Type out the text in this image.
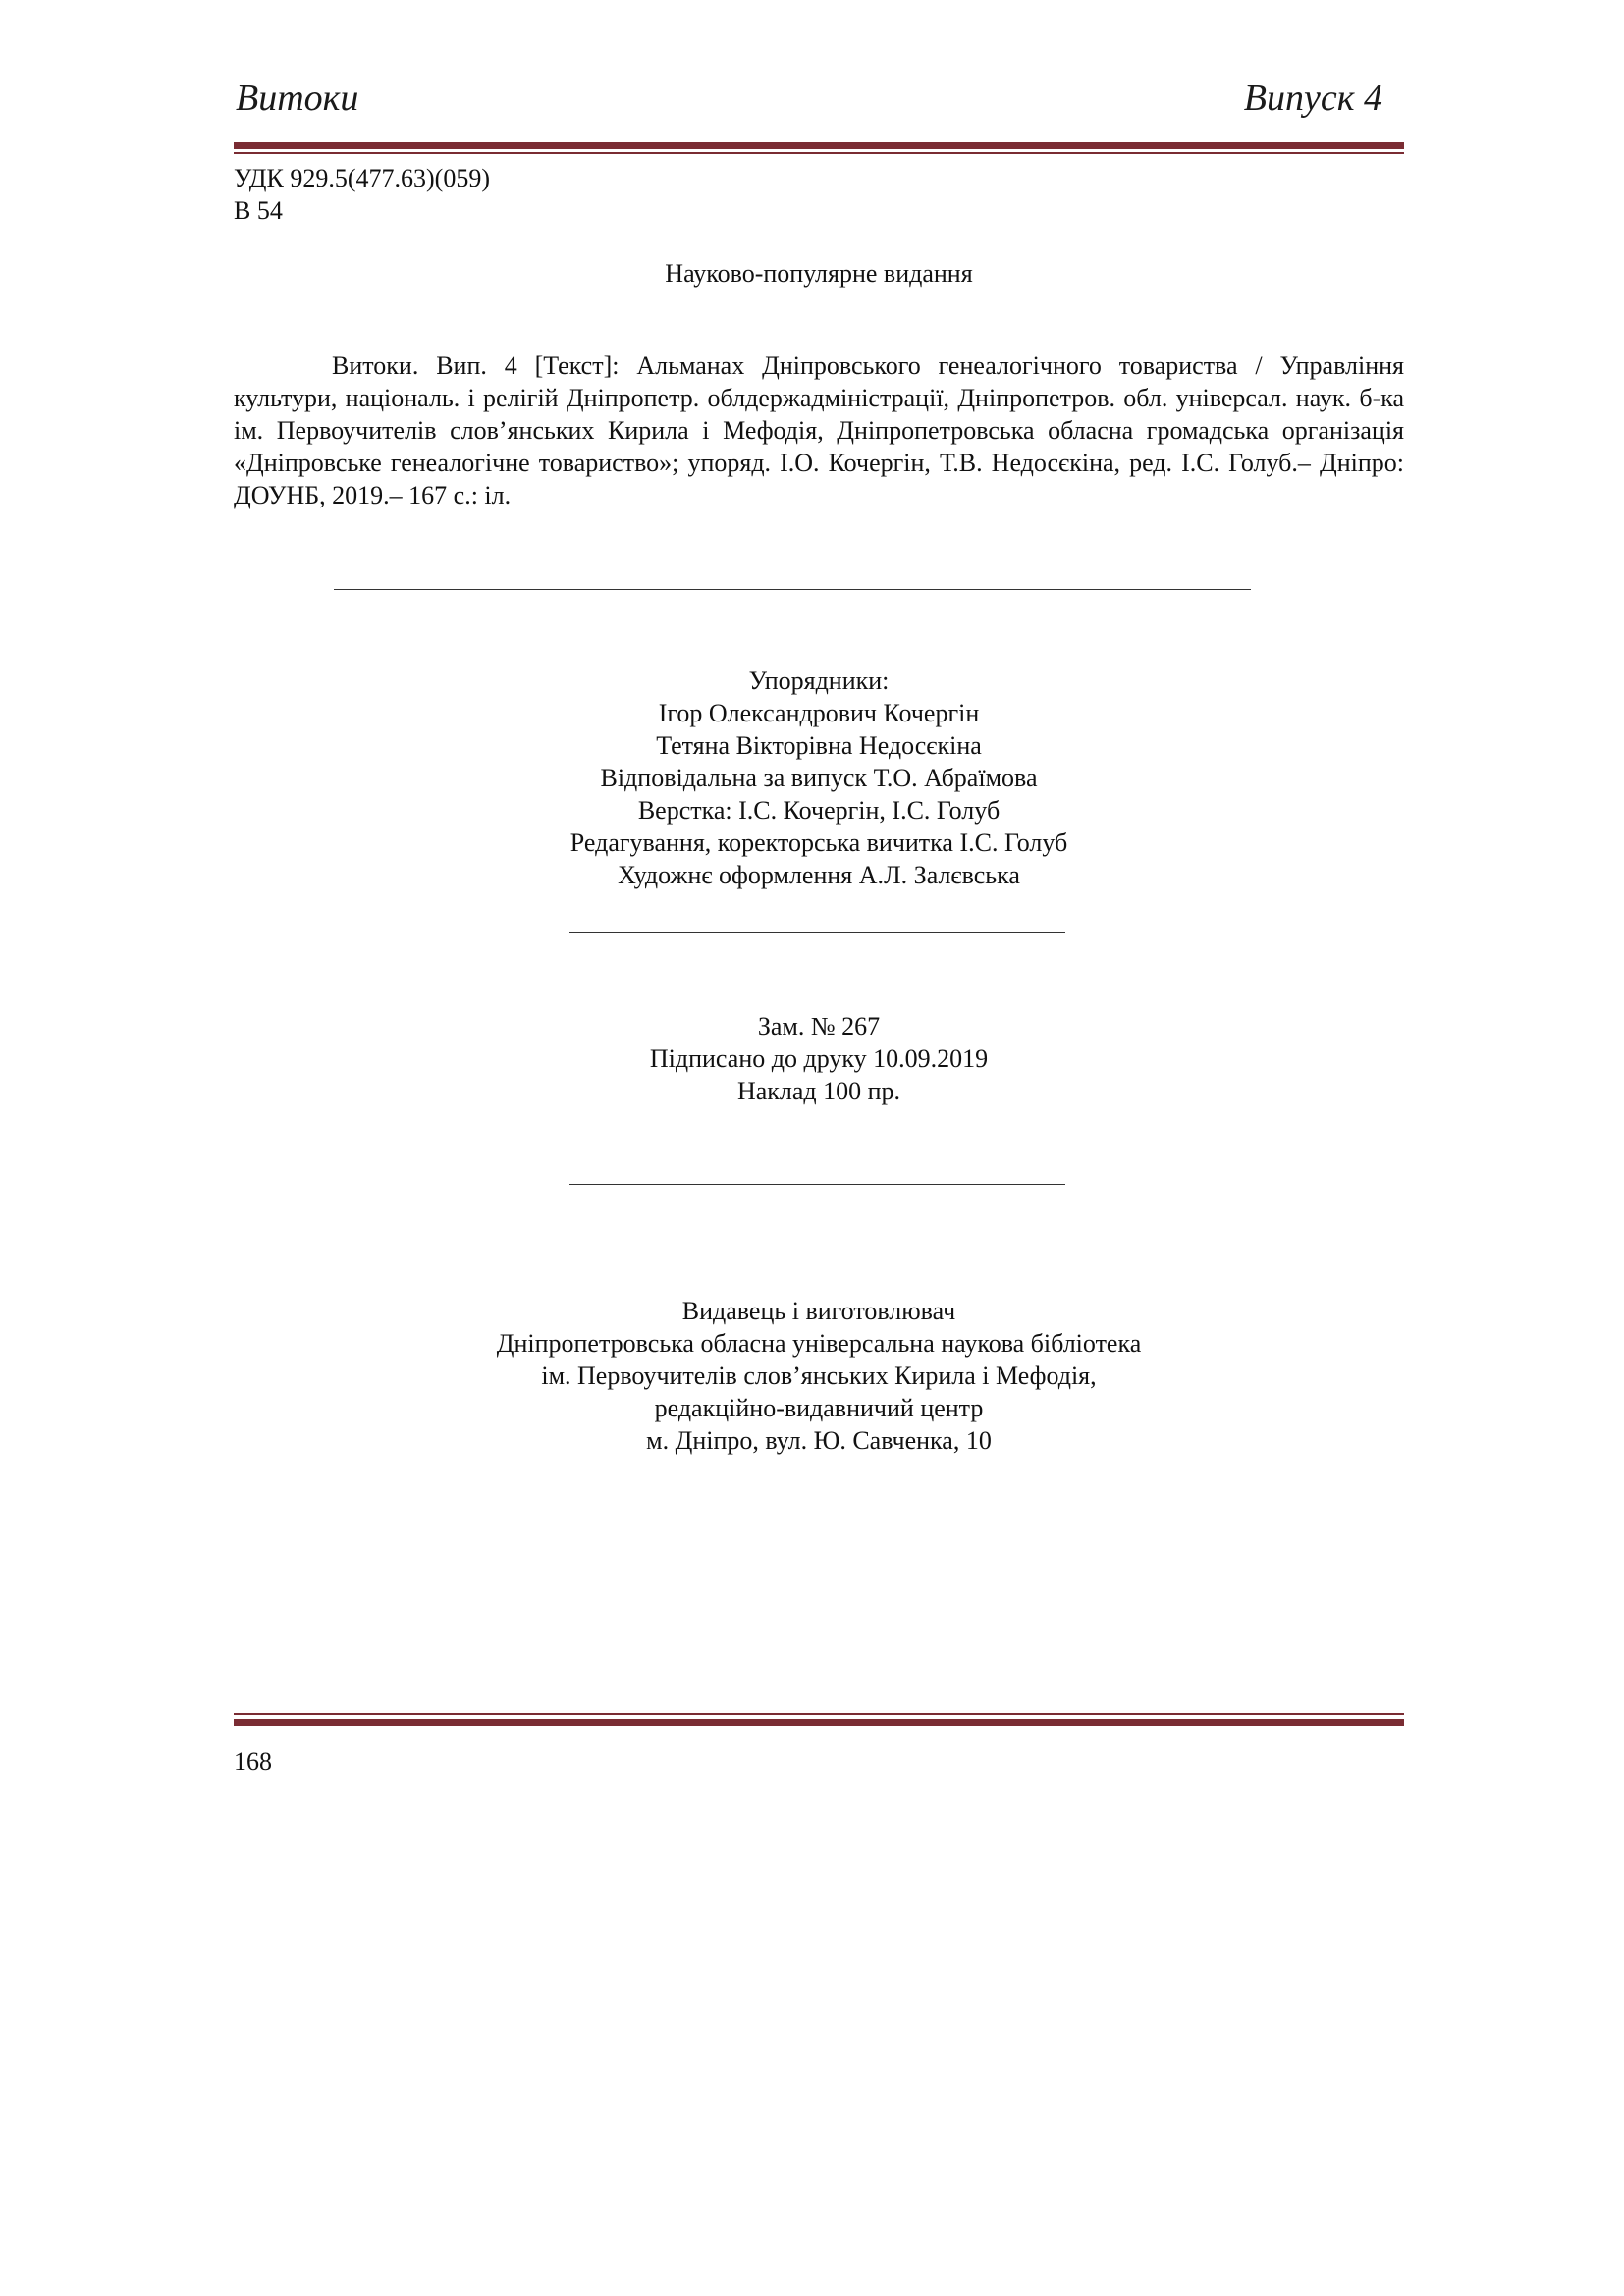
Витоки	Випуск 4
УДК 929.5(477.63)(059)
В 54
Науково-популярне видання
Витоки. Вип. 4 [Текст]: Альманах Дніпровського генеалогічного товариства / Управління культури, національ. і релігій Дніпропетр. облдержадміністрації, Дніпропетров. обл. універсал. наук. б-ка ім. Первоучителів слов’янських Кирила і Мефодія, Дніпропетровська обласна громадська організація «Дніпровське генеалогічне товариство»; упоряд. І.О. Кочергін, Т.В. Недосєкіна, ред. І.С. Голуб.– Дніпро: ДОУНБ, 2019.– 167 с.: іл.
Упорядники:
Ігор Олександрович Кочергін
Тетяна Вікторівна Недосєкіна
Відповідальна за випуск Т.О. Абраїмова
Верстка: І.С. Кочергін, І.С. Голуб
Редагування, коректорська вичитка І.С. Голуб
Художнє оформлення А.Л. Залєвська
Зам. № 267
Підписано до друку 10.09.2019
Наклад 100 пр.
Видавець і виготовлювач
Дніпропетровська обласна універсальна наукова бібліотека
ім. Первоучителів слов’янських Кирила і Мефодія,
редакційно-видавничий центр
м. Дніпро, вул. Ю. Савченка, 10
168
